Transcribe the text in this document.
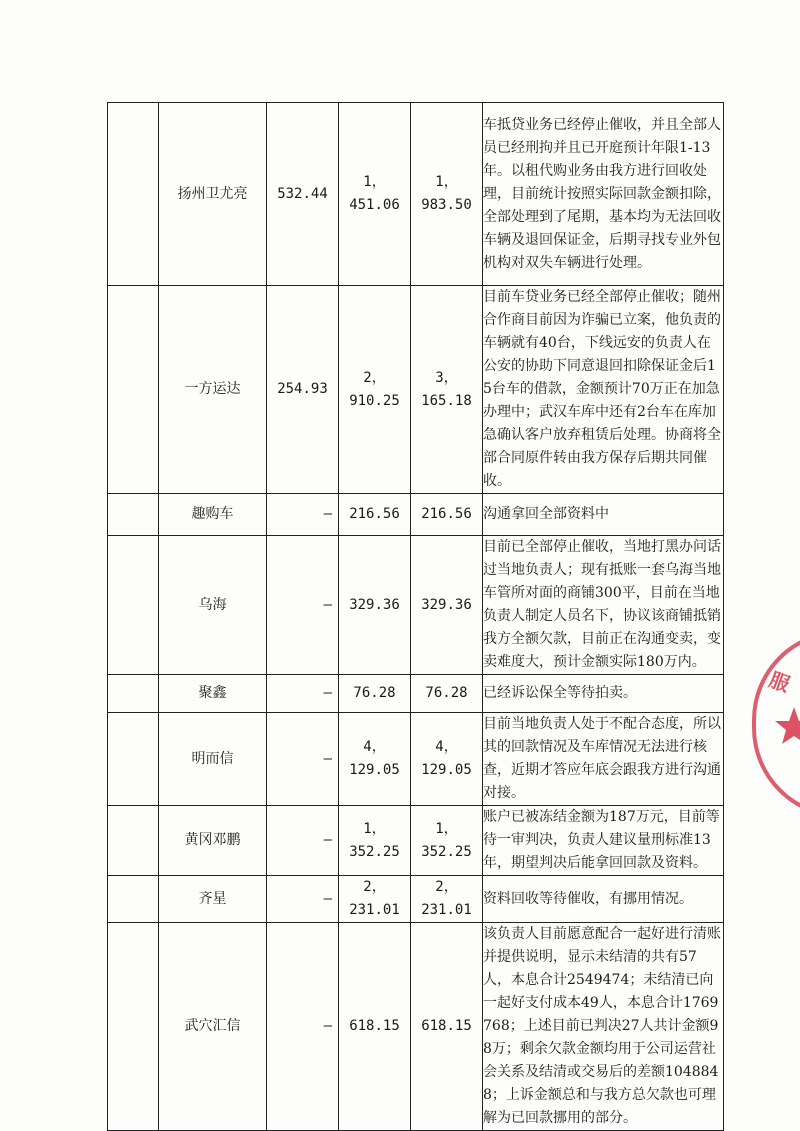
	扬州卫尤亮	532.44	1，451.06	1，983.50	车抵贷业务已经停止催收，并且全部人员已经刑拘并且已开庭预计年限1-13年。以租代购业务由我方进行回收处理，目前统计按照实际回款金额扣除，全部处理到了尾期，基本均为无法回收车辆及退回保证金，后期寻找专业外包机构对双失车辆进行处理。
	一方运达	254.93	2，910.25	3，165.18	目前车贷业务已经全部停止催收；随州合作商目前因为诈骗已立案，他负责的车辆就有40台，下线远安的负责人在公安的协助下同意退回扣除保证金后15台车的借款，金额预计70万正在加急办理中；武汉车库中还有2台车在库加急确认客户放弃租赁后处理。协商将全部合同原件转由我方保存后期共同催收。
	趣购车	–	216.56	216.56	沟通拿回全部资料中
	乌海	–	329.36	329.36	目前已全部停止催收，当地打黑办问话过当地负责人；现有抵账一套乌海当地车管所对面的商铺300平，目前在当地负责人制定人员名下，协议该商铺抵销我方全额欠款，目前正在沟通变卖，变卖难度大，预计金额实际180万内。
	聚鑫	–	76.28	76.28	已经诉讼保全等待拍卖。
	明而信	–	4，129.05	4，129.05	目前当地负责人处于不配合态度，所以其的回款情况及车库情况无法进行核查，近期才答应年底会跟我方进行沟通对接。
	黄冈邓鹏	–	1，352.25	1，352.25	账户已被冻结金额为187万元，目前等待一审判决，负责人建议量刑标准13年，期望判决后能拿回回款及资料。
	齐星	–	2，231.01	2，231.01	资料回收等待催收，有挪用情况。
	武穴汇信	–	618.15	618.15	该负责人目前愿意配合一起好进行清账并提供说明，显示未结清的共有57人，本息合计2549474；未结清已向一起好支付成本49人，本息合计1769768；上述目前已判决27人共计金额98万；剩余欠款金额均用于公司运营社会关系及结清或交易后的差额1048848；上诉金额总和与我方总欠款也可理解为已回款挪用的部分。
服
